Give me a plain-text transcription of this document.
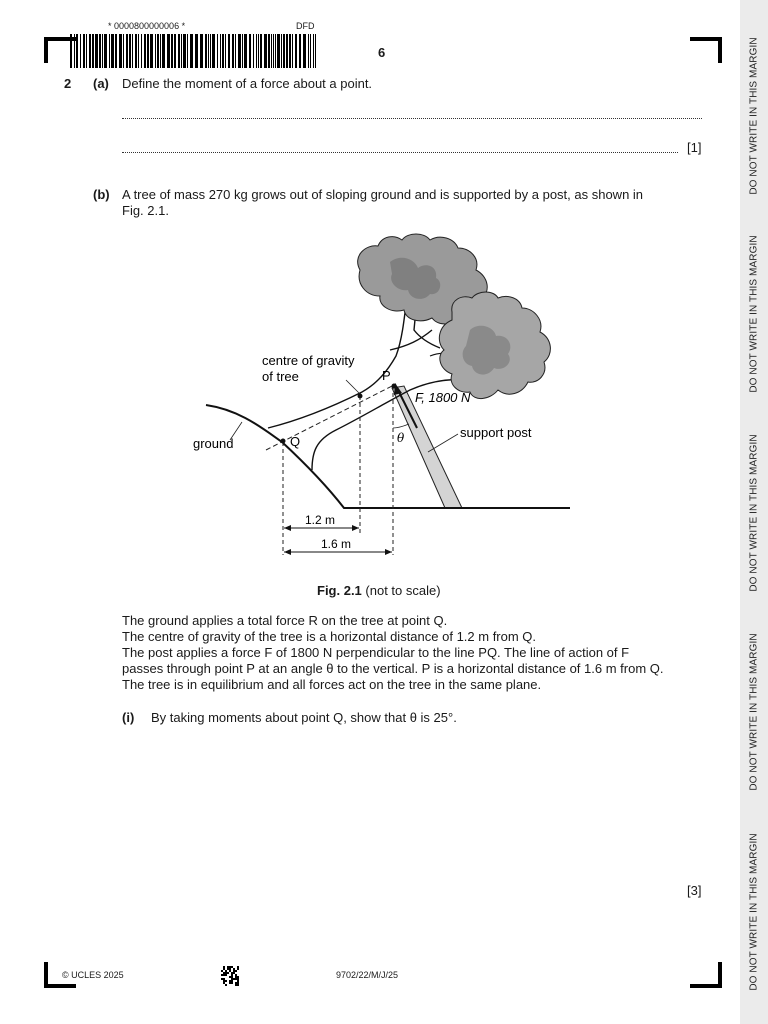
DO NOT WRITE IN THIS MARGIN
DO NOT WRITE IN THIS MARGIN
DO NOT WRITE IN THIS MARGIN
DO NOT WRITE IN THIS MARGIN
DO NOT WRITE IN THIS MARGIN
* 0000800000006 *	DFD
6
2 (a) Define the moment of a force about a point.
[1]
(b) A tree of mass 270 kg grows out of sloping ground and is supported by a post, as shown in
Fig. 2.1.
centre of gravity
of tree	P
Q
F, 1800 N
ground
support post
θ
1.2 m
1.6 m
Fig. 2.1 (not to scale)
The ground applies a total force R on the tree at point Q.
The centre of gravity of the tree is a horizontal distance of 1.2 m from Q.
The post applies a force F of 1800 N perpendicular to the line PQ. The line of action of F
passes through point P at an angle θ to the vertical. P is a horizontal distance of 1.6 m from Q.
The tree is in equilibrium and all forces act on the tree in the same plane.
(i) By taking moments about point Q, show that θ is 25°.
[3]
© UCLES 2025	9702/22/M/J/25
